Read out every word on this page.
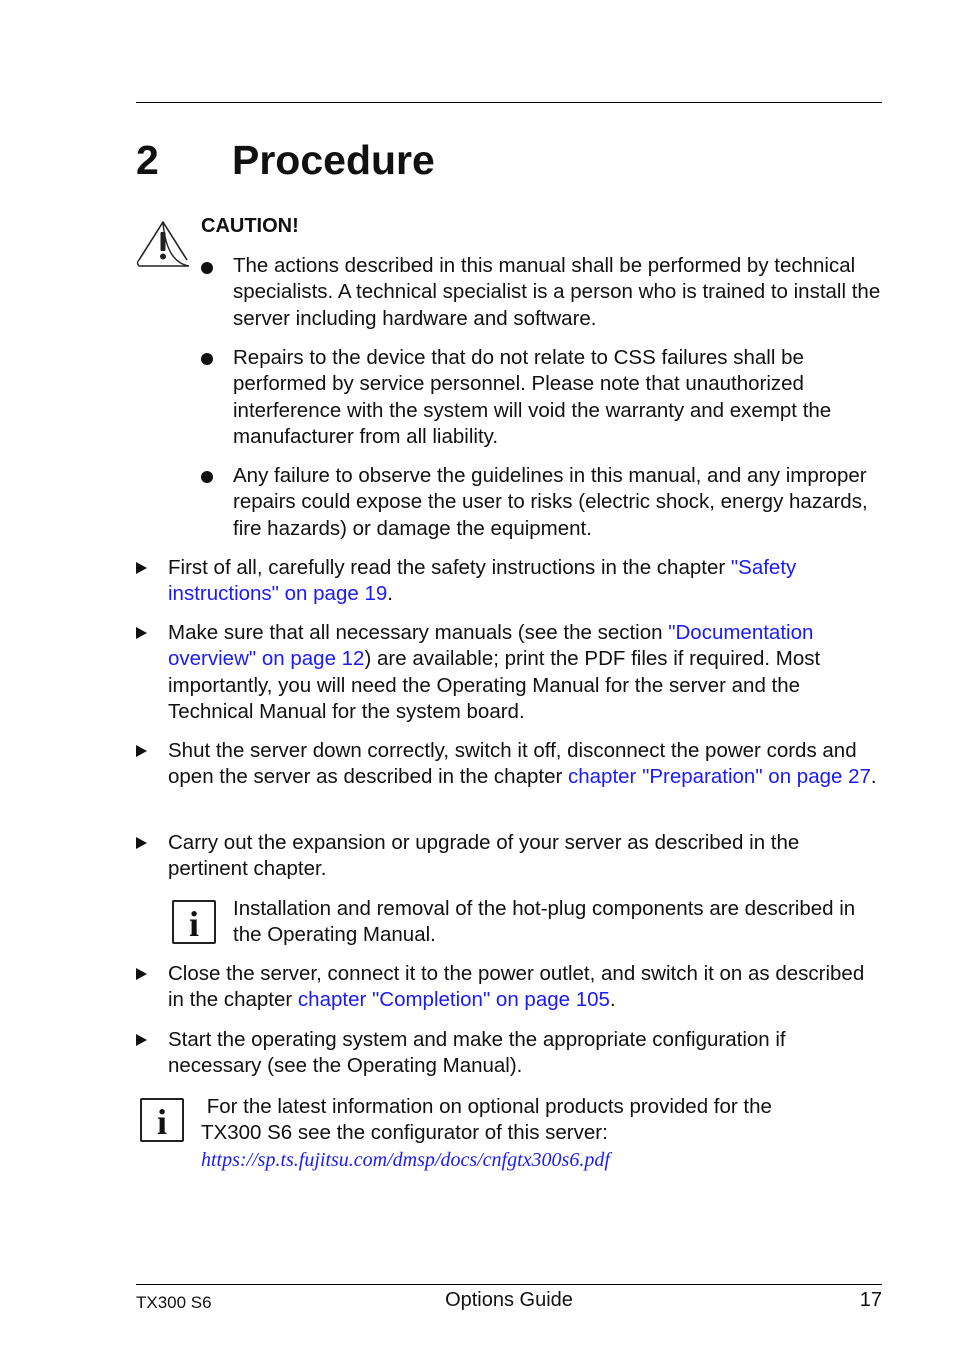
2 Procedure
CAUTION!
The actions described in this manual shall be performed by technical specialists. A technical specialist is a person who is trained to install the server including hardware and software.
Repairs to the device that do not relate to CSS failures shall be performed by service personnel. Please note that unauthorized interference with the system will void the warranty and exempt the manufacturer from all liability.
Any failure to observe the guidelines in this manual, and any improper repairs could expose the user to risks (electric shock, energy hazards, fire hazards) or damage the equipment.
First of all, carefully read the safety instructions in the chapter "Safety instructions" on page 19.
Make sure that all necessary manuals (see the section "Documentation overview" on page 12) are available; print the PDF files if required. Most importantly, you will need the Operating Manual for the server and the Technical Manual for the system board.
Shut the server down correctly, switch it off, disconnect the power cords and open the server as described in the chapter chapter "Preparation" on page 27.
Carry out the expansion or upgrade of your server as described in the pertinent chapter.
i	Installation and removal of the hot-plug components are described in the Operating Manual.
Close the server, connect it to the power outlet, and switch it on as described in the chapter chapter "Completion" on page 105.
Start the operating system and make the appropriate configuration if necessary (see the Operating Manual).
i	For the latest information on optional products provided for the
TX300 S6 see the configurator of this server:
https://sp.ts.fujitsu.com/dmsp/docs/cnfgtx300s6.pdf
TX300 S6	Options Guide	17
